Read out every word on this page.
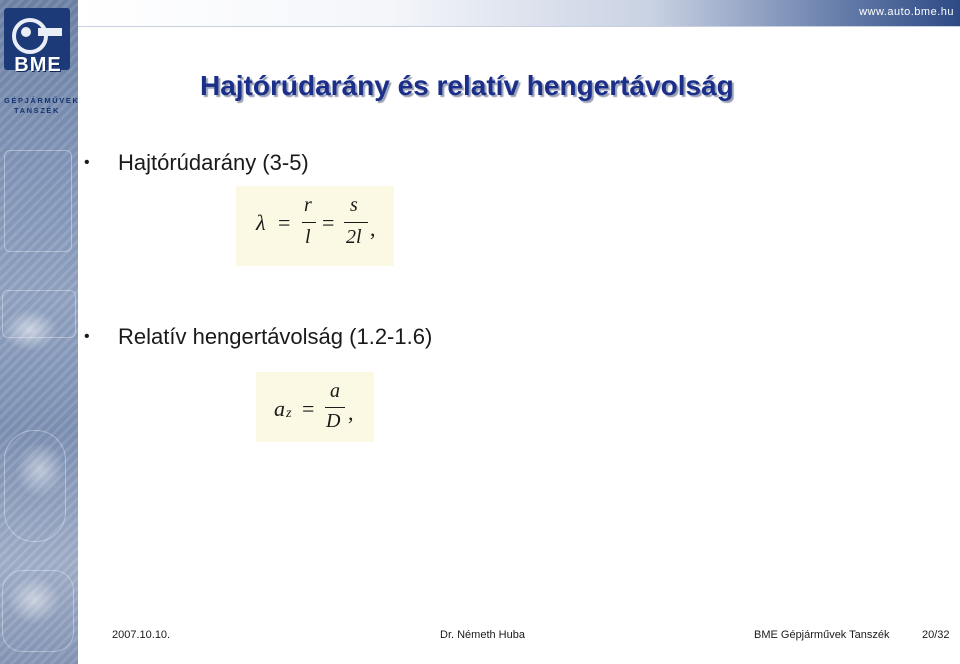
BME
GÉPJÁRMŰVEK
TANSZÉK
www.auto.bme.hu
Hajtórúdarány és relatív hengertávolság
• Hajtórúdarány (3-5)
λ =
r
l
=
s
2l ,
• Relatív hengertávolság (1.2-1.6)
a z =
a
D ,
2007.10.10.	Dr. Németh Huba	BME Gépjárművek Tanszék	20/32
